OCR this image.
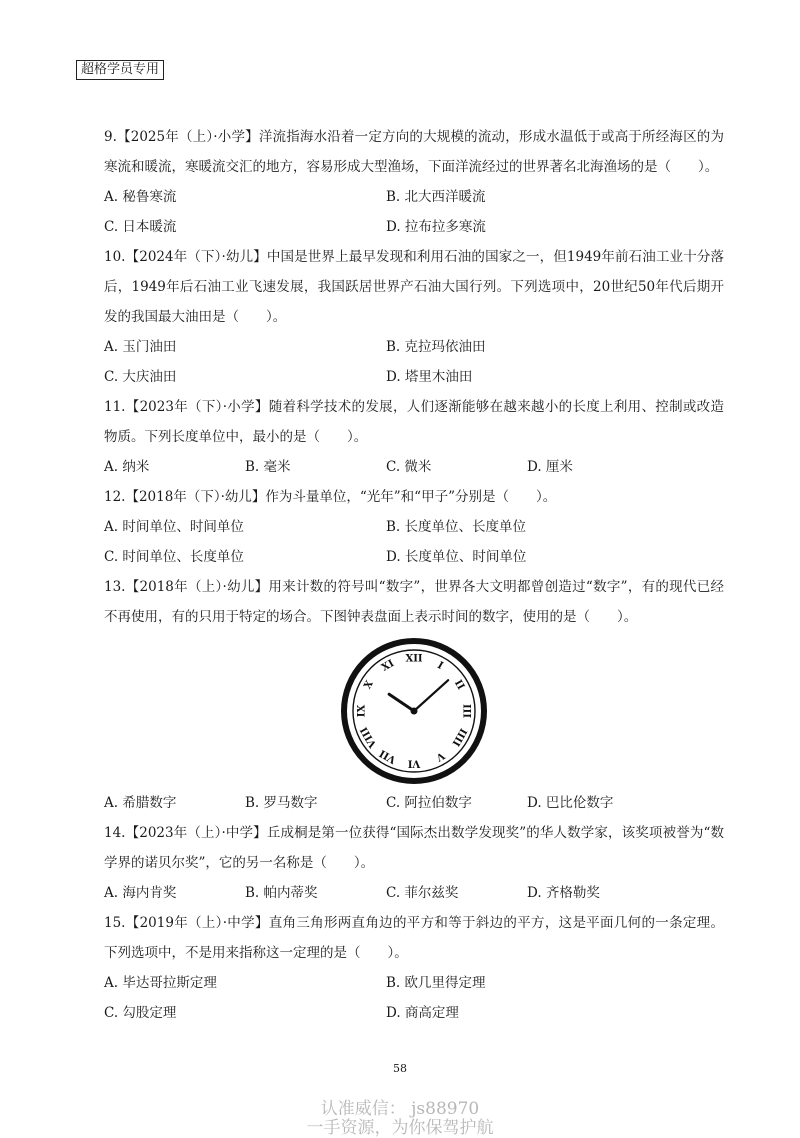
超格学员专用

9.【2025年（上）·小学】洋流指海水沿着一定方向的大规模的流动，形成水温低于或高于所经海区的为寒流和暖流，寒暖流交汇的地方，容易形成大型渔场，下面洋流经过的世界著名北海渔场的是（　　）。

A. 秘鲁寒流	B. 北大西洋暖流
C. 日本暖流	D. 拉布拉多寒流

10.【2024年（下）·幼儿】中国是世界上最早发现和利用石油的国家之一，但1949年前石油工业十分落后，1949年后石油工业飞速发展，我国跃居世界产石油大国行列。下列选项中，20世纪50年代后期开发的我国最大油田是（　　）。

A. 玉门油田	B. 克拉玛依油田
C. 大庆油田	D. 塔里木油田

11.【2023年（下）·小学】随着科学技术的发展，人们逐渐能够在越来越小的长度上利用、控制或改造物质。下列长度单位中，最小的是（　　）。

A. 纳米	B. 毫米	C. 微米	D. 厘米

12.【2018年（下）·幼儿】作为斗量单位，“光年”和“甲子”分别是（　　）。

A. 时间单位、时间单位	B. 长度单位、长度单位
C. 时间单位、长度单位	D. 长度单位、时间单位

13.【2018年（上）·幼儿】用来计数的符号叫“数字”，世界各大文明都曾创造过“数字”，有的现代已经不再使用，有的只用于特定的场合。下图钟表盘面上表示时间的数字，使用的是（　　）。

XII
I
II
III
IIII
V
VI
VII
VIII
IX
X
XI
A. 希腊数字	B. 罗马数字	C. 阿拉伯数字	D. 巴比伦数字

14.【2023年（上）·中学】丘成桐是第一位获得“国际杰出数学发现奖”的华人数学家，该奖项被誉为“数学界的诺贝尔奖”，它的另一名称是（　　）。

A. 海内肯奖	B. 帕内蒂奖	C. 菲尔兹奖	D. 齐格勒奖

15.【2019年（上）·中学】直角三角形两直角边的平方和等于斜边的平方，这是平面几何的一条定理。下列选项中，不是用来指称这一定理的是（　　）。

A. 毕达哥拉斯定理	B. 欧几里得定理
C. 勾股定理	D. 商高定理
58
认准威信： js88970
一手资源，为你保驾护航
